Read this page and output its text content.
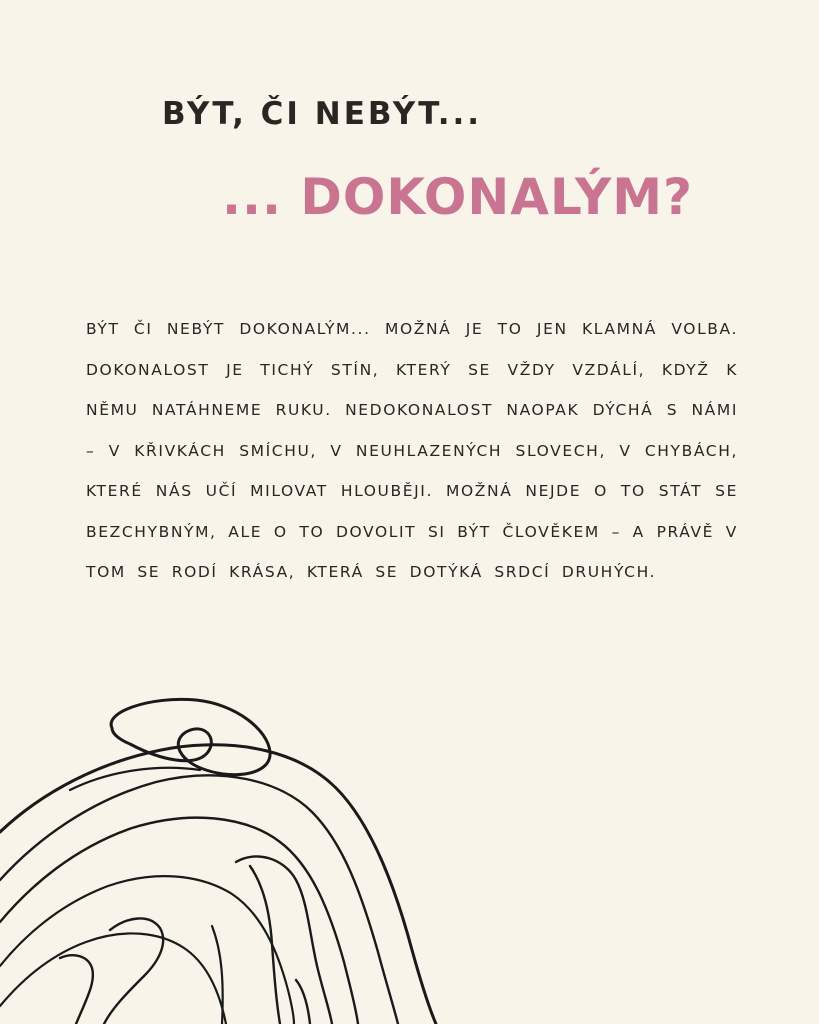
BÝT, ČI NEBÝT...
... DOKONALÝM?

BÝT ČI NEBÝT DOKONALÝM... MOŽNÁ JE TO JEN KLAMNÁ VOLBA. DOKONALOST JE TICHÝ STÍN, KTERÝ SE VŽDY VZDÁLÍ, KDYŽ K NĚMU NATÁHNEME RUKU. NEDOKONALOST NAOPAK DÝCHÁ S NÁMI – V KŘIVKÁCH SMÍCHU, V NEUHLAZENÝCH SLOVECH, V CHYBÁCH, KTERÉ NÁS UČÍ MILOVAT HLOUBĚJI. MOŽNÁ NEJDE O TO STÁT SE BEZCHYBNÝM, ALE O TO DOVOLIT SI BÝT ČLOVĚKEM – A PRÁVĚ V TOM SE RODÍ KRÁSA, KTERÁ SE DOTÝKÁ SRDCÍ DRUHÝCH.
